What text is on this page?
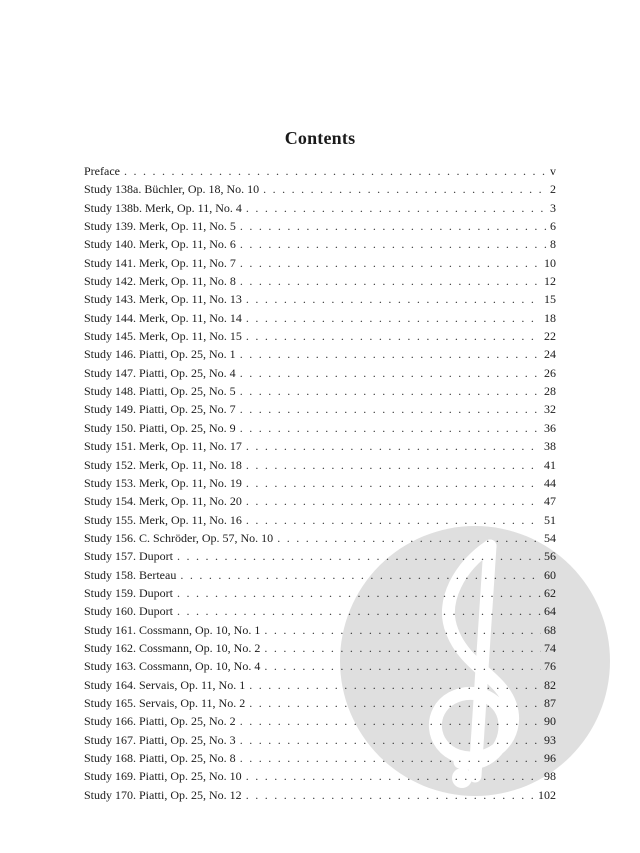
Contents
Preface . . .	v
Study 138a. Büchler, Op. 18, No. 10 . . .	2
Study 138b. Merk, Op. 11, No. 4 . . .	3
Study 139. Merk, Op. 11, No. 5 . . .	6
Study 140. Merk, Op. 11, No. 6 . . .	8
Study 141. Merk, Op. 11, No. 7 . . .	10
Study 142. Merk, Op. 11, No. 8 . . .	12
Study 143. Merk, Op. 11, No. 13 . . .	15
Study 144. Merk, Op. 11, No. 14 . . .	18
Study 145. Merk, Op. 11, No. 15 . . .	22
Study 146. Piatti, Op. 25, No. 1 . . .	24
Study 147. Piatti, Op. 25, No. 4 . . .	26
Study 148. Piatti, Op. 25, No. 5 . . .	28
Study 149. Piatti, Op. 25, No. 7 . . .	32
Study 150. Piatti, Op. 25, No. 9 . . .	36
Study 151. Merk, Op. 11, No. 17 . . .	38
Study 152. Merk, Op. 11, No. 18 . . .	41
Study 153. Merk, Op. 11, No. 19 . . .	44
Study 154. Merk, Op. 11, No. 20 . . .	47
Study 155. Merk, Op. 11, No. 16 . . .	51
Study 156. C. Schröder, Op. 57, No. 10 . . .	54
Study 157. Duport . . .	56
Study 158. Berteau . . .	60
Study 159. Duport . . .	62
Study 160. Duport . . .	64
Study 161. Cossmann, Op. 10, No. 1 . . .	68
Study 162. Cossmann, Op. 10, No. 2 . . .	74
Study 163. Cossmann, Op. 10, No. 4 . . .	76
Study 164. Servais, Op. 11, No. 1 . . .	82
Study 165. Servais, Op. 11, No. 2 . . .	87
Study 166. Piatti, Op. 25, No. 2 . . .	90
Study 167. Piatti, Op. 25, No. 3 . . .	93
Study 168. Piatti, Op. 25, No. 8 . . .	96
Study 169. Piatti, Op. 25, No. 10 . . .	98
Study 170. Piatti, Op. 25, No. 12 . . .	102
